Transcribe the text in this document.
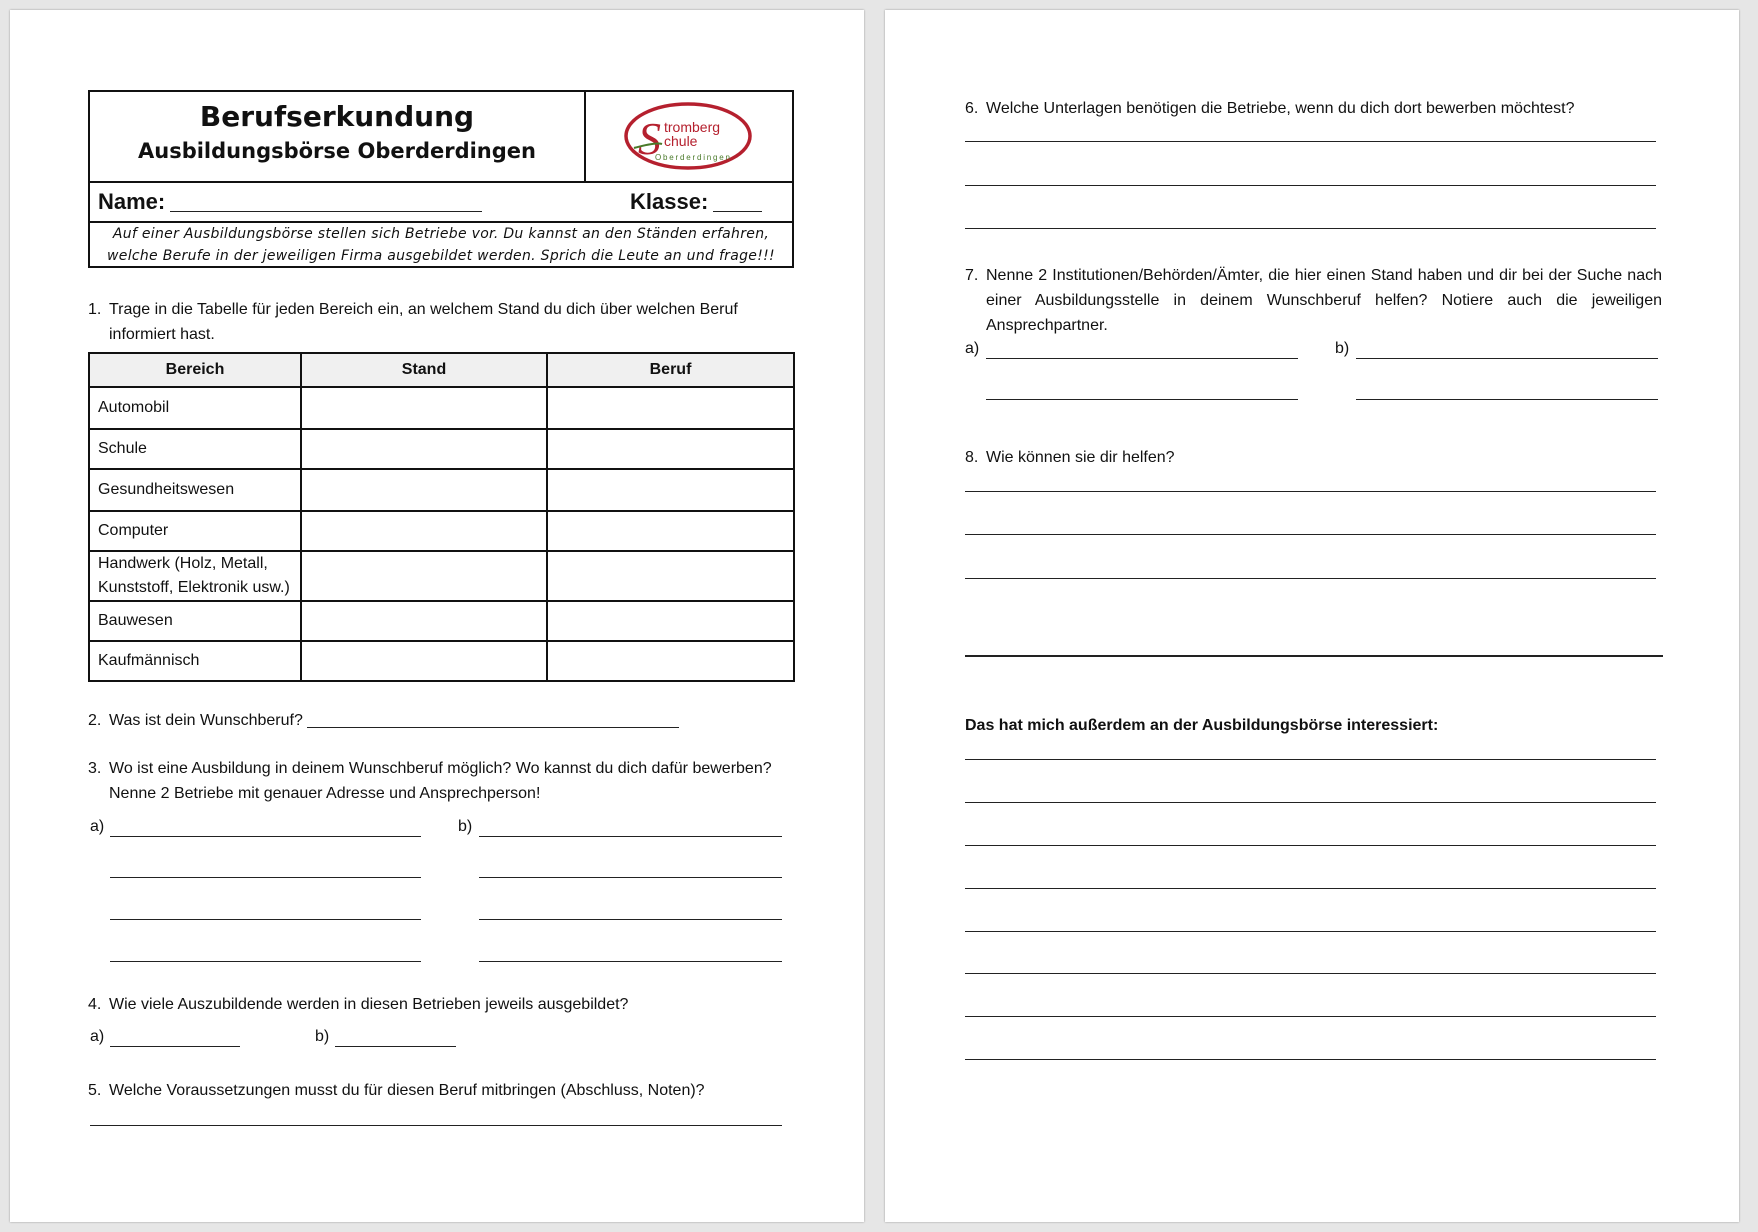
Berufserkundung
Ausbildungsbörse Oberderdingen	S tromberg
chule
Oberderdingen
Name:	Klasse:
Auf einer Ausbildungsbörse stellen sich Betriebe vor. Du kannst an den Ständen erfahren,
welche Berufe in der jeweiligen Firma ausgebildet werden. Sprich die Leute an und frage!!!
1. Trage in die Tabelle für jeden Bereich ein, an welchem Stand du dich über welchen Beruf
informiert hast.
Bereich	Stand	Beruf
Automobil		
Schule		
Gesundheitswesen		
Computer		

Handwerk (Holz, Metall,
Kunststoff, Elektronik usw.)		

Bauwesen		
Kaufmännisch		
2. Was ist dein Wunschberuf?
3. Wo ist eine Ausbildung in deinem Wunschberuf möglich? Wo kannst du dich dafür bewerben?
Nenne 2 Betriebe mit genauer Adresse und Ansprechperson!
a)	b)
4. Wie viele Auszubildende werden in diesen Betrieben jeweils ausgebildet?
a)	b)
5. Welche Voraussetzungen musst du für diesen Beruf mitbringen (Abschluss, Noten)?
6. Welche Unterlagen benötigen die Betriebe, wenn du dich dort bewerben möchtest?
7. Nenne 2 Institutionen/Behörden/Ämter, die hier einen Stand haben und dir bei der Suche nach
einer Ausbildungsstelle in deinem Wunschberuf helfen? Notiere auch die jeweiligen
Ansprechpartner.
a)	b)
8. Wie können sie dir helfen?
Das hat mich außerdem an der Ausbildungsbörse interessiert:
